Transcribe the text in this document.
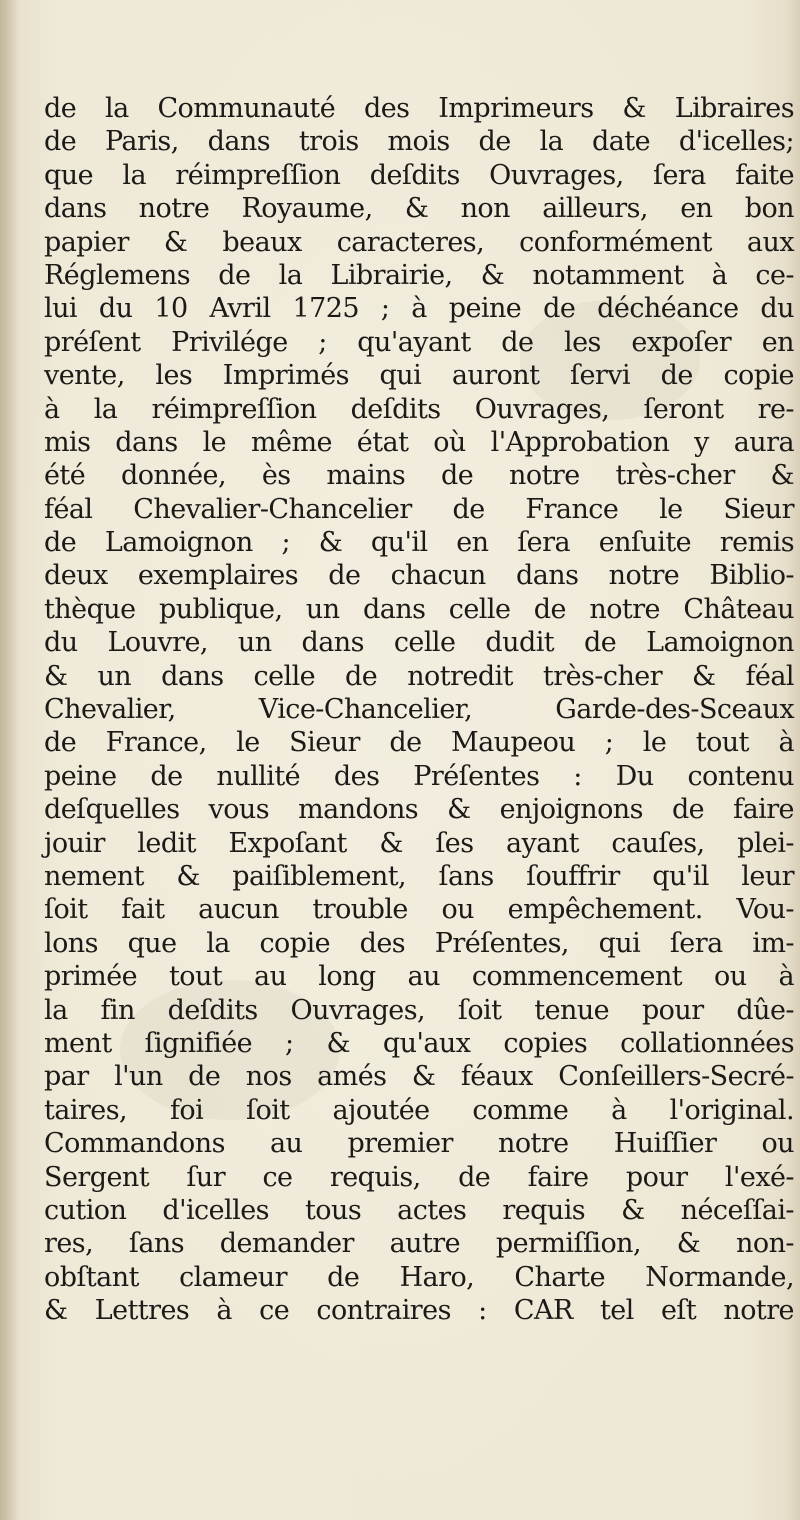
de la Communauté des Imprimeurs & Libraires
de Paris, dans trois mois de la date d'icelles;
que la réimpreſſion deſdits Ouvrages, ſera faite
dans notre Royaume, & non ailleurs, en bon
papier & beaux caracteres, conformément aux
Réglemens de la Librairie, & notamment à ce-
lui du 10 Avril 1725 ; à peine de déchéance du
préſent Privilége ; qu'ayant de les expoſer en
vente, les Imprimés qui auront ſervi de copie
à la réimpreſſion deſdits Ouvrages, ſeront re-
mis dans le même état où l'Approbation y aura
été donnée, ès mains de notre très-cher &
féal Chevalier-Chancelier de France le Sieur
de Lamoignon ; & qu'il en ſera enſuite remis
deux exemplaires de chacun dans notre Biblio-
thèque publique, un dans celle de notre Château
du Louvre, un dans celle dudit de Lamoignon
& un dans celle de notredit très-cher & féal
Chevalier, Vice-Chancelier, Garde-des-Sceaux
de France, le Sieur de Maupeou ; le tout à
peine de nullité des Préſentes : Du contenu
deſquelles vous mandons & enjoignons de faire
jouir ledit Expoſant & ſes ayant cauſes, plei-
nement & paiſiblement, ſans ſouffrir qu'il leur
ſoit fait aucun trouble ou empêchement. Vou-
lons que la copie des Préſentes, qui ſera im-
primée tout au long au commencement ou à
la fin deſdits Ouvrages, ſoit tenue pour dûe-
ment ſignifiée ; & qu'aux copies collationnées
par l'un de nos amés & féaux Conſeillers-Secré-
taires, foi ſoit ajoutée comme à l'original.
Commandons au premier notre Huiſſier ou
Sergent ſur ce requis, de faire pour l'exé-
cution d'icelles tous actes requis & néceſſai-
res, ſans demander autre permiſſion, & non-
obſtant clameur de Haro, Charte Normande,
& Lettres à ce contraires : CAR tel eſt notre
